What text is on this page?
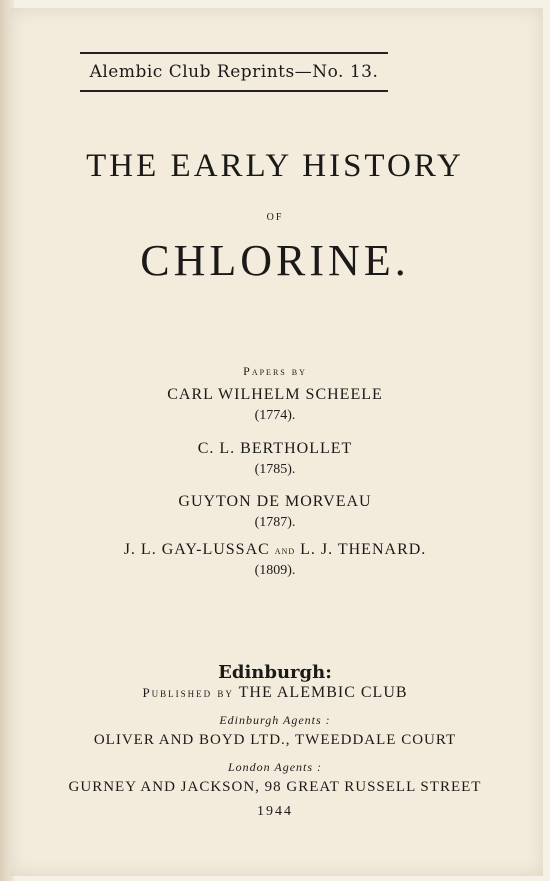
Alembic Club Reprints—No. 13.
THE EARLY HISTORY
OF
CHLORINE.
Papers by
CARL WILHELM SCHEELE
(1774).
C. L. BERTHOLLET
(1785).
GUYTON DE MORVEAU
(1787).
J. L. GAY-LUSSAC and L. J. THENARD.
(1809).
Edinburgh:
Published by THE ALEMBIC CLUB
Edinburgh Agents :
OLIVER AND BOYD LTD., TWEEDDALE COURT
London Agents :
GURNEY AND JACKSON, 98 GREAT RUSSELL STREET
1944
